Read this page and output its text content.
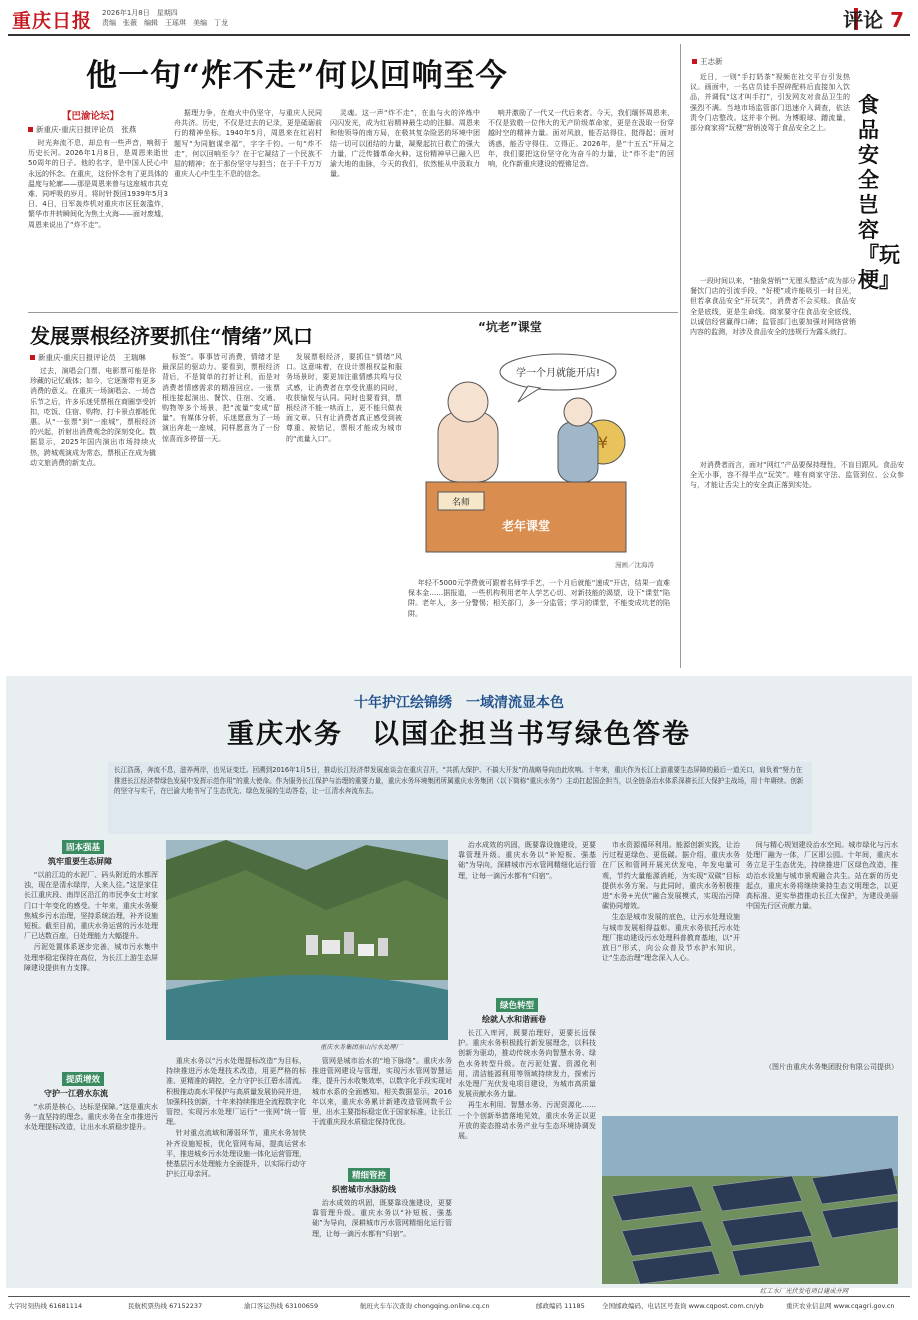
重庆日报 2026年1月8日　星期四
责编　张薇　编辑　王瑶琪　美编　丁龙	评论 7
他一句“炸不走”何以回响至今
【巴渝论坛】
新重庆-重庆日报评论员　张燕

时光奔流不息，却总有一些声音，响彻于历史长河。2026年1月8日，是周恩来逝世50周年的日子。他的名字，是中国人民心中永远的怀念。在重庆，这份怀念有了更具体的温度与轮廓——那是周恩来曾与这座城市共克难、同呼吸的岁月。将时针拨回1939年5月3日、4日，日军轰炸机对重庆市区狂轰滥炸，繁华市井转瞬间化为焦土火海——面对废墟，周恩来说出了“炸不走”。

据理力争，在炮火中仍坚守，与重庆人民同舟共济。历史，不仅是过去的记录，更是砥砺前行的精神坐标。1940年5月，周恩来在红岩村题写“为同胞谋幸福”，字字千钧。一句“炸不走”，何以回响至今？在于它凝结了一个民族不屈的精神；在于那份坚守与担当；在于千千万万重庆人心中生生不息的信念。

灵魂。这一声“炸不走”，在血与火的淬炼中闪闪发光，成为红岩精神最生动的注脚。周恩来和他领导的南方局，在极其复杂险恶的环境中团结一切可以团结的力量，凝聚起抗日救亡的强大力量，广泛传播革命火种。这份精神早已融入巴渝大地的血脉，今天的我们，依然能从中汲取力量。

响并激励了一代又一代后来者。今天，我们缅怀周恩来，不仅是致敬一位伟大的无产阶级革命家，更是在汲取一份穿越时空的精神力量。面对风浪，能否站得住、挺得起；面对诱惑，能否守得住、立得正。2026年，是“十五五”开局之年，我们要把这份坚守化为奋斗的力量，让“炸不走”的回响，化作新重庆建设的铿锵足音。

发展票根经济要抓住“情绪”风口
新重庆-重庆日报评论员　王瑞琳

过去，演唱会门票、电影票可能是你珍藏的记忆载体；如今，它逐渐带有更多消费的意义。在重庆一场演唱会、一场音乐节之后，许多乐迷凭票根在商圈享受折扣，吃饭、住宿、购物、打卡景点都能优惠。从“一张票”到“一座城”，票根经济的兴起，折射出消费观念的深刻变化。数据显示，2025年国内演出市场持续火热，跨城观演成为常态，票根正在成为撬动文旅消费的新支点。

标签”。事事皆可消费，情绪才是最深层的驱动力。要看到，票根经济背后，不是简单的打折让利，而是对消费者情感需求的精准回应。一张票根连接起演出、餐饮、住宿、交通、购物等多个场景，把“流量”变成“留量”。有媒体分析，乐迷愿意为了一场演出奔赴一座城，同样愿意为了一份惊喜而多停留一天。

发展票根经济，要抓住“情绪”风口。这意味着，在设计票根权益和服务场景时，要更加注重情感共鸣与仪式感，让消费者在享受优惠的同时，收获愉悦与认同。同时也要看到，票根经济不能一哄而上，更不能只做表面文章。只有让消费者真正感受到被尊重、被惦记，票根才能成为城市的“流量入口”。

“坑老”课堂
学一个月就能开店!
名师
老年课堂
¥
漫画／沈海涛

年轻不5000元学费就可跟着名师学手艺，一个月后就能“速成”开店，结果一直难保本金……据报道，一些机构利用老年人学艺心切、对新技能的渴望，设下“课堂”陷阱。老年人，多一分警惕；相关部门，多一分监管；学习的课堂，不能变成坑老的陷阱。

王志新
食品安全岂容『玩梗』

近日，一则“手打奶茶”视频在社交平台引发热议。画面中，一名店员徒手捏碎配料后直接加入饮品，并调侃“这才叫手打”，引发网友对食品卫生的强烈不满。当地市场监管部门迅速介入调查，依法责令门店整改。这并非个例。为博眼球、蹭流量，部分商家将“玩梗”营销凌驾于食品安全之上。

一段时间以来，“抽象营销”“无厘头整活”成为部分餐饮门店的引流手段，“好梗”或许能吸引一时目光，但若拿食品安全“开玩笑”，消费者不会买账。食品安全是底线，更是生命线。商家要守住食品安全底线，以诚信经营赢得口碑；监管部门也要加强对网络营销内容的监测，对涉及食品安全的违规行为露头就打。

对消费者而言，面对“网红”产品要保持理性，不盲目跟风。食品安全无小事，容不得半点“玩笑”。唯有商家守法、监管到位、公众参与，才能让舌尖上的安全真正落到实处。

十年护江绘锦绣　一域清流显本色
重庆水务　以国企担当书写绿色答卷
长江浩荡，奔流不息，滋养两岸，也见证变迁。回溯到2016年1月5日，推动长江经济带发展座谈会在重庆召开，“共抓大保护、不搞大开发”的战略导向由此吹响。十年来，重庆作为长江上游重要生态屏障的最后一道关口，肩负着“努力在推进长江经济带绿色发展中发挥示范作用”的重大使命。作为服务长江保护与治理的重要力量，重庆水务环境集团所属重庆水务集团（以下简称“重庆水务”）主动扛起国企担当，以全链条治水体系深耕长江大保护主战场，用十年赓续、创新的坚守与实干，在巴渝大地书写了生态优先、绿色发展的生动答卷，让一江清水奔流东去。
固本强基
筑牢重要生态屏障

“以前江边的水泥厂、码头附近的水都浑浊，现在是清水绿岸，人来人往。”这是家住长江重庆段、南岸区沿江的市民李女士对家门口十年变化的感受。十年来，重庆水务聚焦城乡污水治理，坚持系统治理，补齐设施短板。截至目前，重庆水务运营的污水处理厂已达数百座，日处理能力大幅提升。

污泥处置体系逐步完善，城市污水集中处理率稳定保持在高位，为长江上游生态屏障建设提供有力支撑。

提质增效
守护一江碧水东流

“水质是核心，达标是保障。”这是重庆水务一直坚持的理念。重庆水务在全市推进污水处理提标改造，让出水水质稳步提升。

重庆水务集团巫山污水处理厂

重庆水务以“污水处理提标改造”为目标，持续推进污水处理技术改造，用更严格的标准、更精准的调控，全力守护长江碧水清流。积极推动高水平保护与高质量发展协同并进，加强科技创新，十年来持续推进全流程数字化管控，实现污水处理厂运行“一张网”统一管理。

针对重点流域和薄弱环节，重庆水务加快补齐设施短板，优化管网布局，提高运营水平，推进城乡污水处理设施一体化运营管理，使基层污水处理能力全面提升，以实际行动守护长江母亲河。

管网是城市治水的“地下脉络”。重庆水务推进管网建设与管理，实现污水管网智慧运维，提升污水收集效率，以数字化手段实现对城市水系的全面感知。相关数据显示，2016年以来，重庆水务累计新建改造管网数千公里，出水主要指标稳定优于国家标准，让长江干流重庆段水质稳定保持优良。

精细管控
织密城市水脉防线

治水成效的巩固，既要靠设施建设，更要靠管理升级。重庆水务以“补短板、强基础”为导向，深耕城市污水管网精细化运行管理，让每一滴污水都有“归宿”。

治水成效的巩固，既要靠设施建设，更要靠管理升级。重庆水务以“补短板、强基础”为导向，深耕城市污水管网精细化运行管理，让每一滴污水都有“归宿”。

绿色转型
绘就人水和谐画卷

长江入库河，既要治理好，更要长远保护。重庆水务积极践行新发展理念，以科技创新为驱动，推动传统水务向智慧水务、绿色水务转型升级。在污泥处置、资源化利用、清洁能源利用等领域持续发力，探索污水处理厂光伏发电项目建设，为城市高质量发展贡献水务力量。

再生水利用、智慧水务、污泥资源化……一个个创新举措落地见效，重庆水务正以更开放的姿态推动水务产业与生态环境协调发展。

市水资源循环利用。能源创新实践，让治污过程更绿色、更低碳。据介绍，重庆水务在厂区和管网开展光伏发电，年发电量可观，节约大量能源消耗，为实现“双碳”目标提供水务方案。与此同时，重庆水务积极推进“水务+光伏”融合发展模式，实现治污降碳协同增效。

生态是城市发展的底色，让污水处理设施与城市发展相得益彰。重庆水务依托污水处理厂推动建设污水处理科普教育基地，以“开放日”形式，向公众普及节水护水知识，让“生态治理”理念深入人心。

间与精心规划建设治水空间。城市绿化与污水处理厂融为一体，厂区即公园。十年间，重庆水务立足于生态优先，持续推进厂区绿色改造，推动治水设施与城市景观融合共生。站在新的历史起点，重庆水务将继续秉持生态文明理念，以更高标准、更实举措推动长江大保护，为建设美丽中国先行区贡献力量。

（图片由重庆水务集团股份有限公司提供）
红工水厂光伏发电项目建成并网
大字时刻热线 61681114	民航机票热线 67152237	渝口客运热线 63100659	航班火车车次查询 chongqing.online.cq.cn	邮政编码 11185	全国邮政编码、电话区号查询 www.cqpost.com.cn/yb	重庆农业信息网 www.cqagri.gov.cn
